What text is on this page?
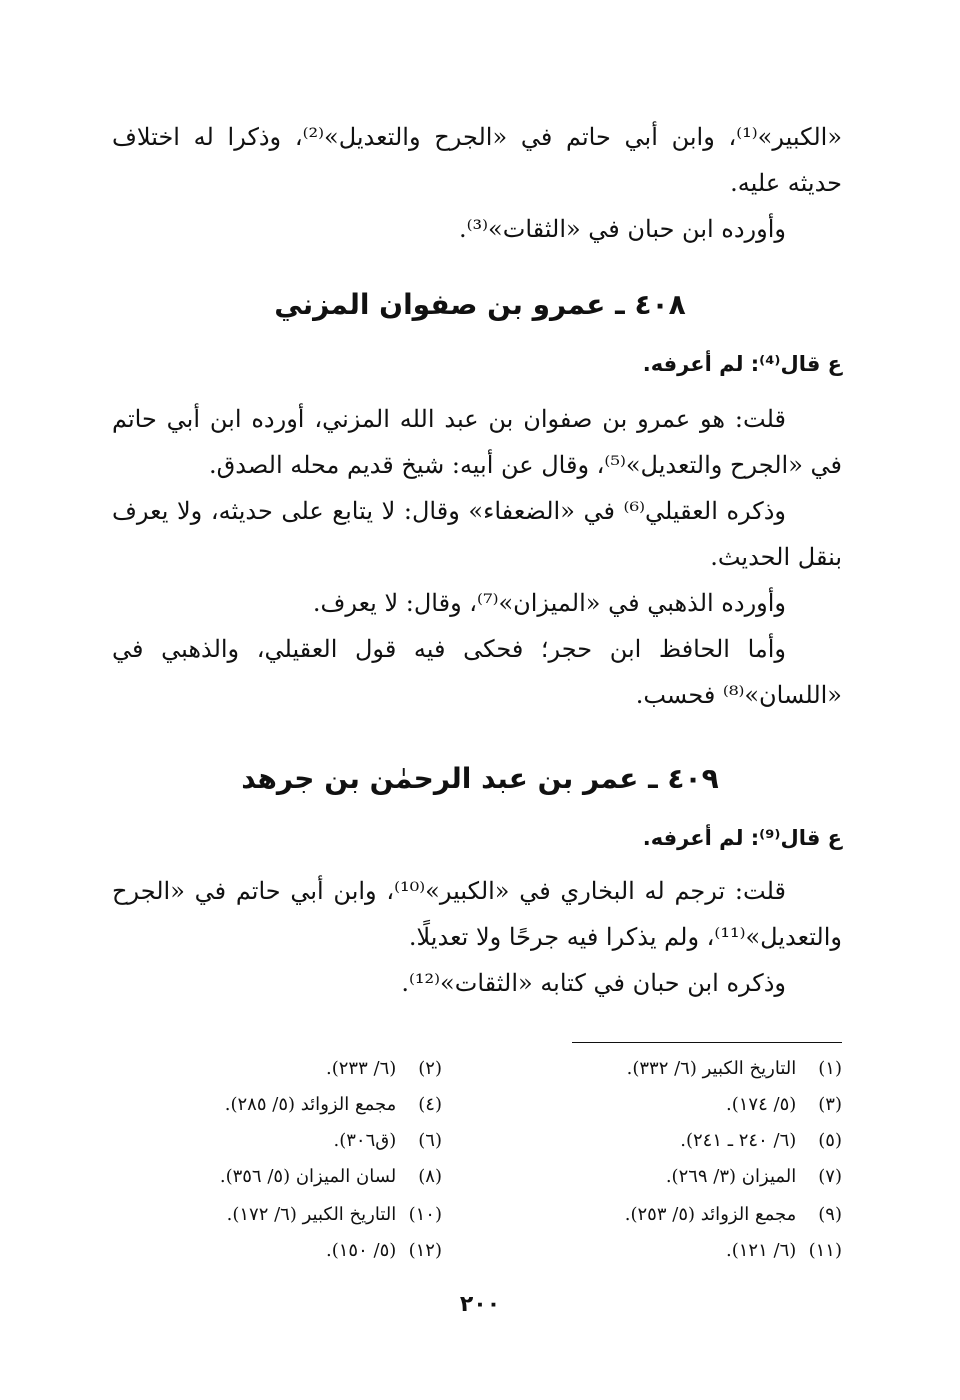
«الكبير»⁽¹⁾، وابن أبي حاتم في «الجرح والتعديل»⁽²⁾، وذكرا له اختلاف حديثه عليه.

وأورده ابن حبان في «الثقات»⁽³⁾.

٤٠٨ ـ عمرو بن صفوان المزني
ع قال⁽⁴⁾: لم أعرفه.

قلت: هو عمرو بن صفوان بن عبد الله المزني، أورده ابن أبي حاتم في «الجرح والتعديل»⁽⁵⁾، وقال عن أبيه: شيخ قديم محله الصدق.

وذكره العقيلي⁽⁶⁾ في «الضعفاء» وقال: لا يتابع على حديثه، ولا يعرف بنقل الحديث.

وأورده الذهبي في «الميزان»⁽⁷⁾، وقال: لا يعرف.

وأما الحافظ ابن حجر؛ فحكى فيه قول العقيلي، والذهبي في «اللسان»⁽⁸⁾ فحسب.

٤٠٩ ـ عمر بن عبد الرحمٰن بن جرهد
ع قال⁽⁹⁾: لم أعرفه.

قلت: ترجم له البخاري في «الكبير»⁽¹⁰⁾، وابن أبي حاتم في «الجرح والتعديل»⁽¹¹⁾، ولم يذكرا فيه جرحًا ولا تعديلًا.

وذكره ابن حبان في كتابه «الثقات»⁽¹²⁾.

(١) التاريخ الكبير (٦/ ٣٣٢).
(٣) (٥/ ١٧٤).
(٥) (٦/ ٢٤٠ ـ ٢٤١).
(٧) الميزان (٣/ ٢٦٩).
(٩) مجمع الزوائد (٥/ ٢٥٣).
(١١) (٦/ ١٢١).
(٢) (٦/ ٢٣٣).
(٤) مجمع الزوائد (٥/ ٢٨٥).
(٦) (ق٣٠٦).
(٨) لسان الميزان (٥/ ٣٥٦).
(١٠) التاريخ الكبير (٦/ ١٧٢).
(١٢) (٥/ ١٥٠).
٢٠٠
